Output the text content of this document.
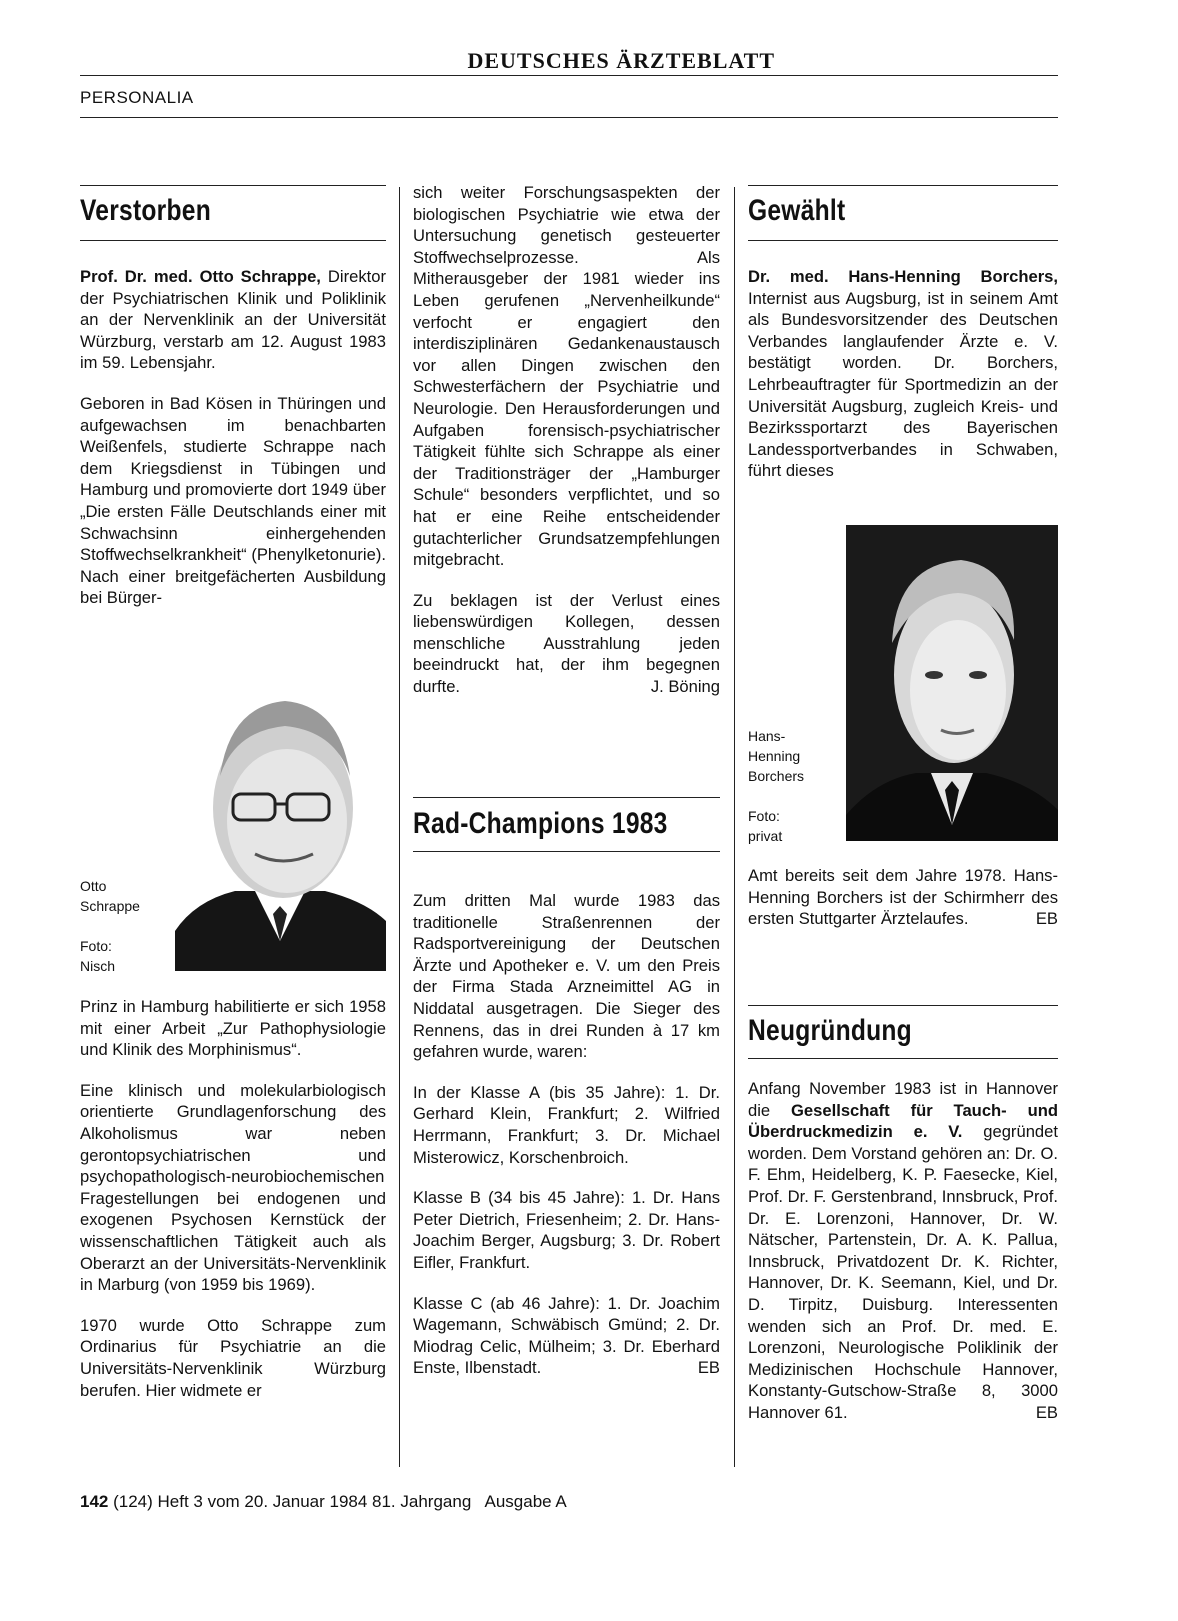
DEUTSCHES ÄRZTEBLATT
PERSONALIA
Verstorben

Prof. Dr. med. Otto Schrappe, Direktor der Psychiatrischen Klinik und Poliklinik an der Nervenklinik an der Universität Würzburg, verstarb am 12. August 1983 im 59. Lebensjahr.

Geboren in Bad Kösen in Thüringen und aufgewachsen im benachbarten Weißenfels, studierte Schrappe nach dem Kriegsdienst in Tübingen und Hamburg und promovierte dort 1949 über „Die ersten Fälle Deutschlands einer mit Schwachsinn einhergehenden Stoffwechselkrankheit“ (Phenylketonurie). Nach einer breitgefächerten Ausbildung bei Bürger-

Otto
Schrappe
Foto:
Nisch

Prinz in Hamburg habilitierte er sich 1958 mit einer Arbeit „Zur Pathophysiologie und Klinik des Morphinismus“.

Eine klinisch und molekularbiologisch orientierte Grundlagenforschung des Alkoholismus war neben gerontopsychiatrischen und psychopathologisch-neurobiochemischen Fragestellungen bei endogenen und exogenen Psychosen Kernstück der wissenschaftlichen Tätigkeit auch als Oberarzt an der Universitäts-Nervenklinik in Marburg (von 1959 bis 1969).

1970 wurde Otto Schrappe zum Ordinarius für Psychiatrie an die Universitäts-Nervenklinik Würzburg berufen. Hier widmete er

sich weiter Forschungsaspekten der biologischen Psychiatrie wie etwa der Untersuchung genetisch gesteuerter Stoffwechselprozesse. Als Mitherausgeber der 1981 wieder ins Leben gerufenen „Nervenheilkunde“ verfocht er engagiert den interdisziplinären Gedankenaustausch vor allen Dingen zwischen den Schwesterfächern der Psychiatrie und Neurologie. Den Herausforderungen und Aufgaben forensisch-psychiatrischer Tätigkeit fühlte sich Schrappe als einer der Traditionsträger der „Hamburger Schule“ besonders verpflichtet, und so hat er eine Reihe entscheidender gutachterlicher Grundsatzempfehlungen mitgebracht.

Zu beklagen ist der Verlust eines liebenswürdigen Kollegen, dessen menschliche Ausstrahlung jeden beeindruckt hat, der ihm begegnen durfte.	J. Böning

Rad-Champions 1983

Zum dritten Mal wurde 1983 das traditionelle Straßenrennen der Radsportvereinigung der Deutschen Ärzte und Apotheker e. V. um den Preis der Firma Stada Arzneimittel AG in Niddatal ausgetragen. Die Sieger des Rennens, das in drei Runden à 17 km gefahren wurde, waren:

In der Klasse A (bis 35 Jahre): 1. Dr. Gerhard Klein, Frankfurt; 2. Wilfried Herrmann, Frankfurt; 3. Dr. Michael Misterowicz, Korschenbroich.

Klasse B (34 bis 45 Jahre): 1. Dr. Hans Peter Dietrich, Friesenheim; 2. Dr. Hans-Joachim Berger, Augsburg; 3. Dr. Robert Eifler, Frankfurt.

Klasse C (ab 46 Jahre): 1. Dr. Joachim Wagemann, Schwäbisch Gmünd; 2. Dr. Miodrag Celic, Mülheim; 3. Dr. Eberhard Enste, Ilbenstadt.	EB

Gewählt

Dr. med. Hans-Henning Borchers, Internist aus Augsburg, ist in seinem Amt als Bundesvorsitzender des Deutschen Verbandes langlaufender Ärzte e. V. bestätigt worden. Dr. Borchers, Lehrbeauftragter für Sportmedizin an der Universität Augsburg, zugleich Kreis- und Bezirkssportarzt des Bayerischen Landessportverbandes in Schwaben, führt dieses

Hans-
Henning
Borchers
Foto:
privat

Amt bereits seit dem Jahre 1978. Hans-Henning Borchers ist der Schirmherr des ersten Stuttgarter Ärztelaufes.	EB

Neugründung

Anfang November 1983 ist in Hannover die Gesellschaft für Tauch- und Überdruckmedizin e. V. gegründet worden. Dem Vorstand gehören an: Dr. O. F. Ehm, Heidelberg, K. P. Faesecke, Kiel, Prof. Dr. F. Gerstenbrand, Innsbruck, Prof. Dr. E. Lorenzoni, Hannover, Dr. W. Nätscher, Partenstein, Dr. A. K. Pallua, Innsbruck, Privatdozent Dr. K. Richter, Hannover, Dr. K. Seemann, Kiel, und Dr. D. Tirpitz, Duisburg. Interessenten wenden sich an Prof. Dr. med. E. Lorenzoni, Neurologische Poliklinik der Medizinischen Hochschule Hannover, Konstanty-Gutschow-Straße 8, 3000 Hannover 61.	EB

142 (124) Heft 3 vom 20. Januar 1984 81. Jahrgang   Ausgabe A
